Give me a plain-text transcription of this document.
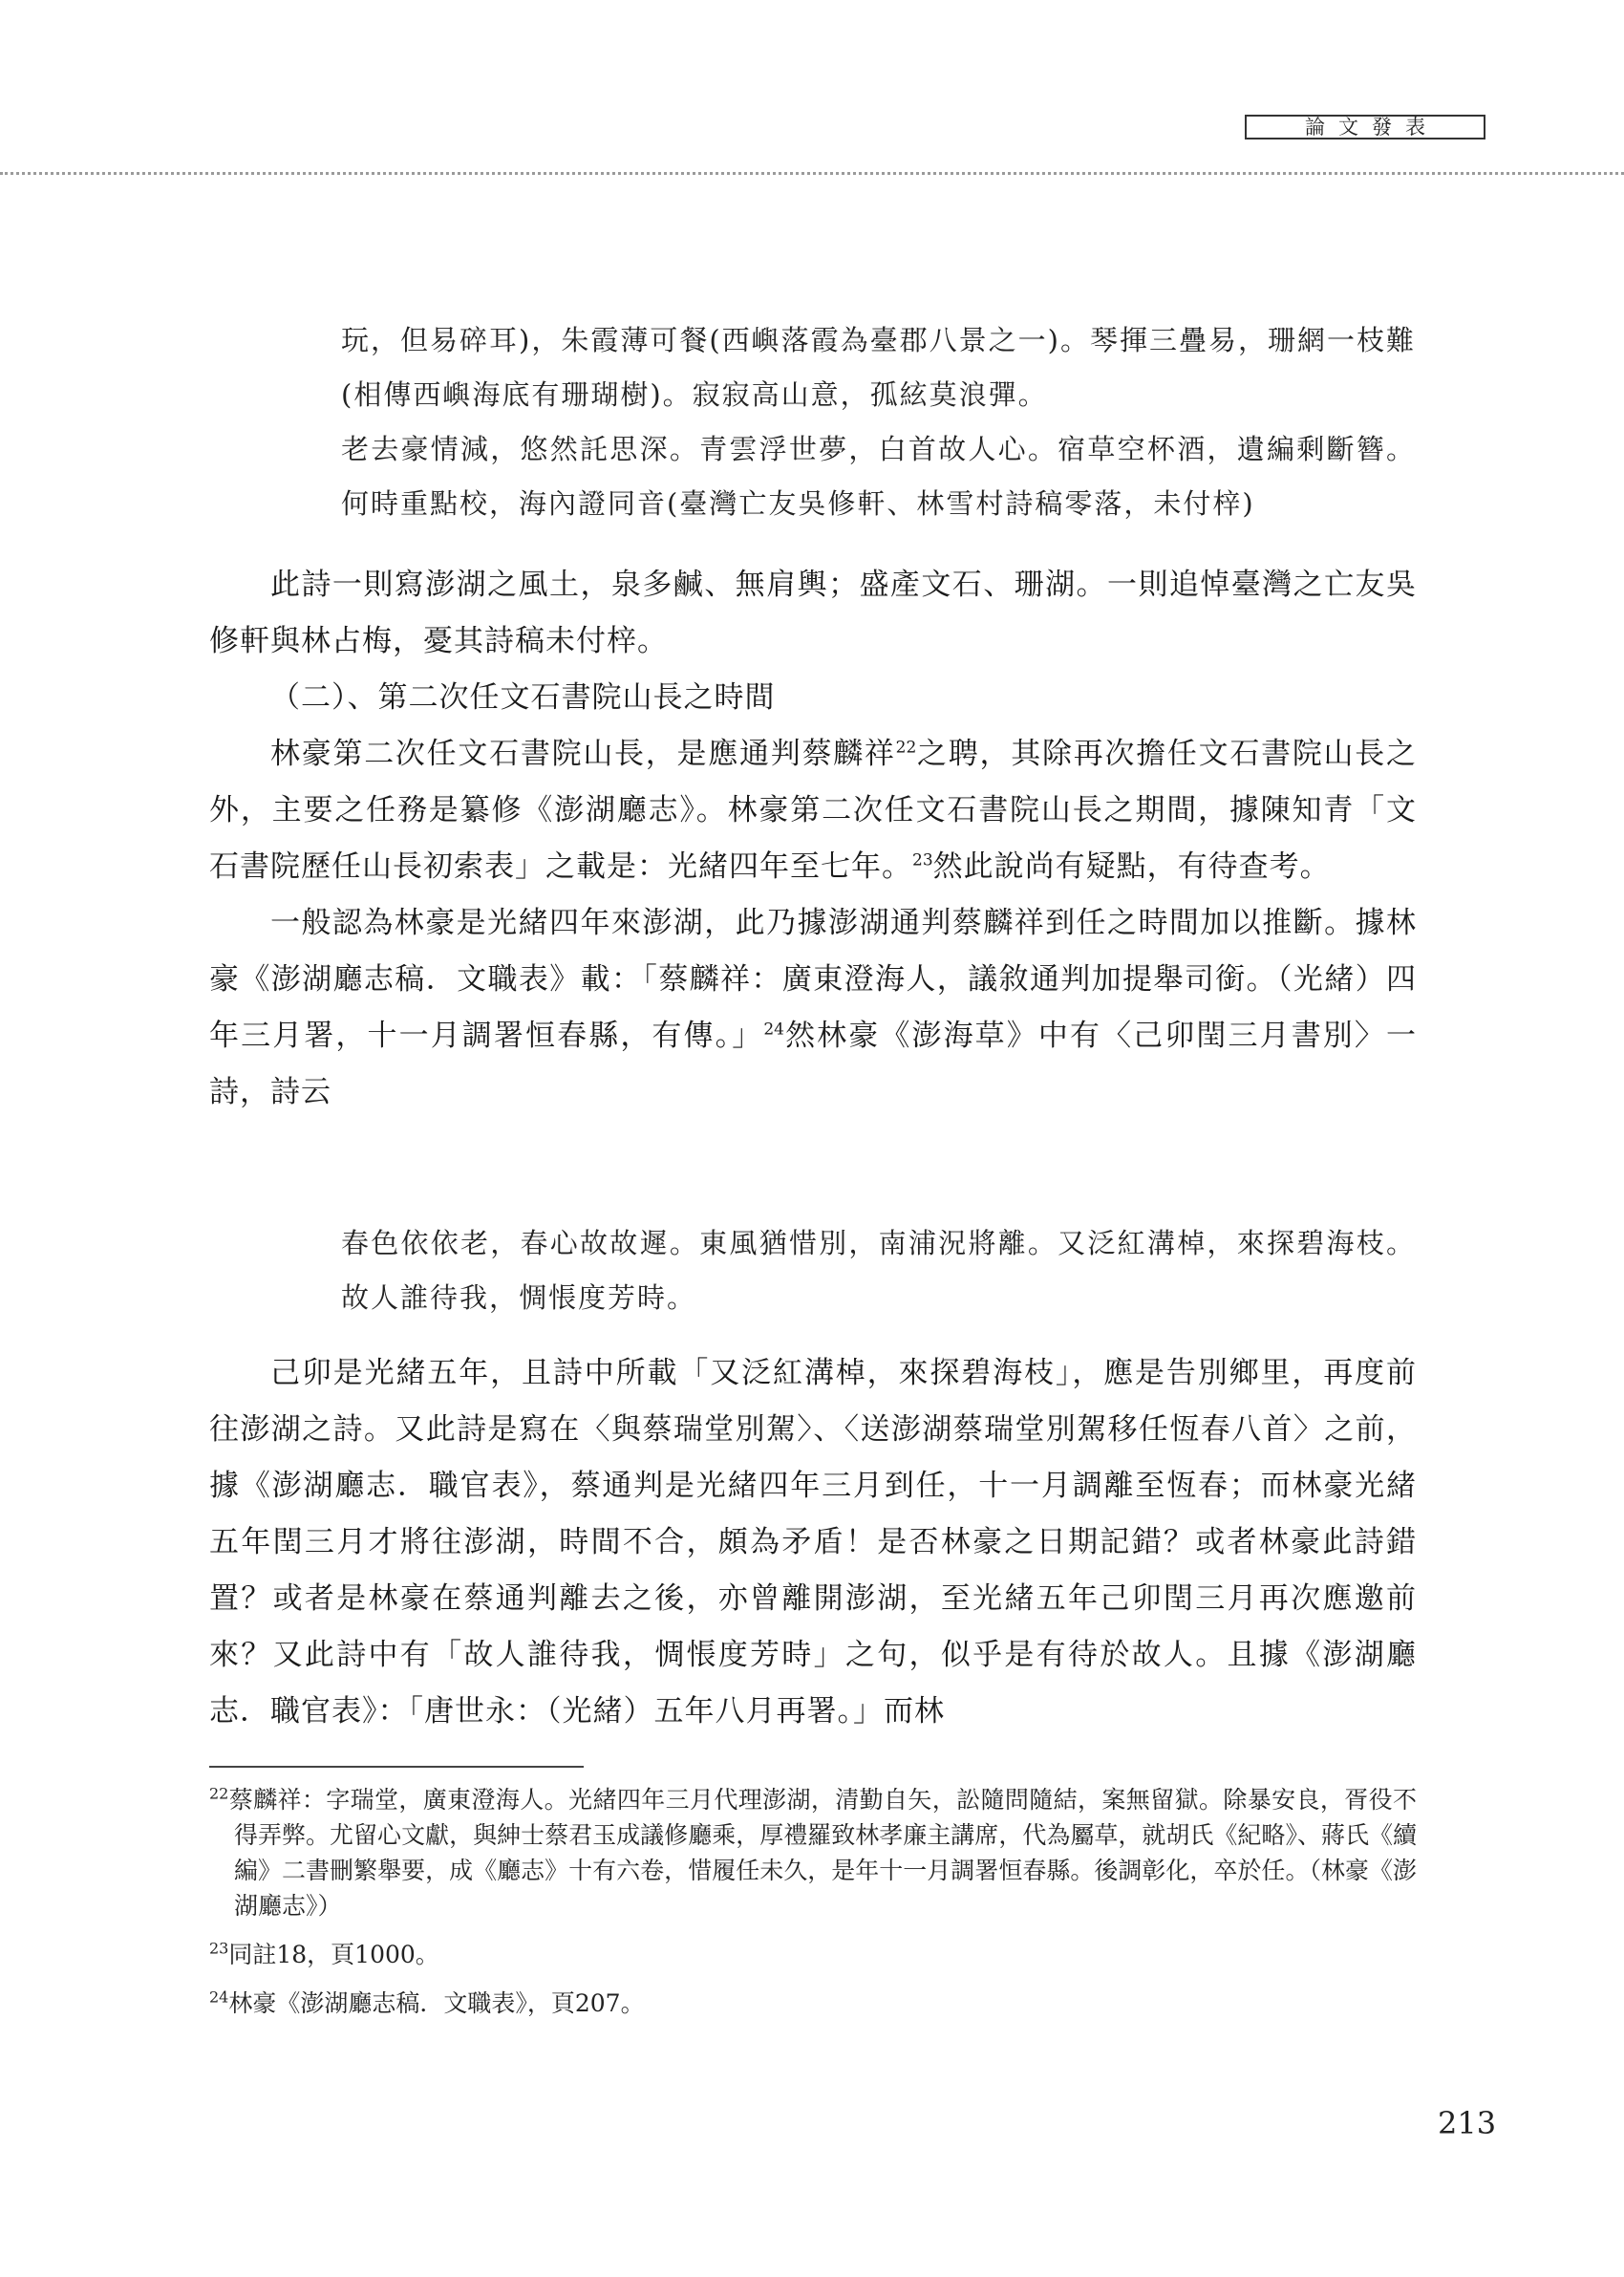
論文發表

玩，但易碎耳)，朱霞薄可餐(西嶼落霞為臺郡八景之一)。琴揮三疊易，珊網一枝難(相傳西嶼海底有珊瑚樹)。寂寂高山意，孤絃莫浪彈。

老去豪情減，悠然託思深。青雲浮世夢，白首故人心。宿草空杯酒，遺編剩斷簪。何時重點校，海內證同音(臺灣亡友吳修軒、林雪村詩稿零落，未付梓)

此詩一則寫澎湖之風土，泉多鹹、無肩輿；盛產文石、珊湖。一則追悼臺灣之亡友吳修軒與林占梅，憂其詩稿未付梓。

（二）、第二次任文石書院山長之時間

林豪第二次任文石書院山長，是應通判蔡麟祥$^{22}$之聘，其除再次擔任文石書院山長之外，主要之任務是纂修《澎湖廳志》。林豪第二次任文石書院山長之期間，據陳知青「文石書院歷任山長初索表」之載是：光緒四年至七年。$^{23}$然此說尚有疑點，有待查考。

一般認為林豪是光緒四年來澎湖，此乃據澎湖通判蔡麟祥到任之時間加以推斷。據林豪《澎湖廳志稿．文職表》載：「蔡麟祥：廣東澄海人，議敘通判加提舉司銜。（光緒）四年三月署，十一月調署恒春縣，有傳。」$^{24}$然林豪《澎海草》中有〈己卯閏三月書別〉一詩，詩云

春色依依老，春心故故遲。東風猶惜別，南浦況將離。又泛紅溝棹，來探碧海枝。故人誰待我，惆悵度芳時。

己卯是光緒五年，且詩中所載「又泛紅溝棹，來探碧海枝」，應是告別鄉里，再度前往澎湖之詩。又此詩是寫在〈與蔡瑞堂別駕〉、〈送澎湖蔡瑞堂別駕移任恆春八首〉之前，據《澎湖廳志．職官表》，蔡通判是光緒四年三月到任，十一月調離至恆春；而林豪光緒五年閏三月才將往澎湖，時間不合，頗為矛盾！是否林豪之日期記錯？或者林豪此詩錯置？或者是林豪在蔡通判離去之後，亦曾離開澎湖，至光緒五年己卯閏三月再次應邀前來？又此詩中有「故人誰待我，惆悵度芳時」之句，似乎是有待於故人。且據《澎湖廳志．職官表》：「唐世永：（光緒）五年八月再署。」而林

$^{22}$蔡麟祥：字瑞堂，廣東澄海人。光緒四年三月代理澎湖，清勤自矢，訟隨問隨結，案無留獄。除暴安良，胥役不得弄弊。尤留心文獻，與紳士蔡君玉成議修廳乘，厚禮羅致林孝廉主講席，代為屬草，就胡氏《紀略》、蔣氏《續編》二書刪繁舉要，成《廳志》十有六卷，惜履任未久，是年十一月調署恒春縣。後調彰化，卒於任。（林豪《澎湖廳志》）

$^{23}$同註18，頁1000。

$^{24}$林豪《澎湖廳志稿．文職表》，頁207。

213
